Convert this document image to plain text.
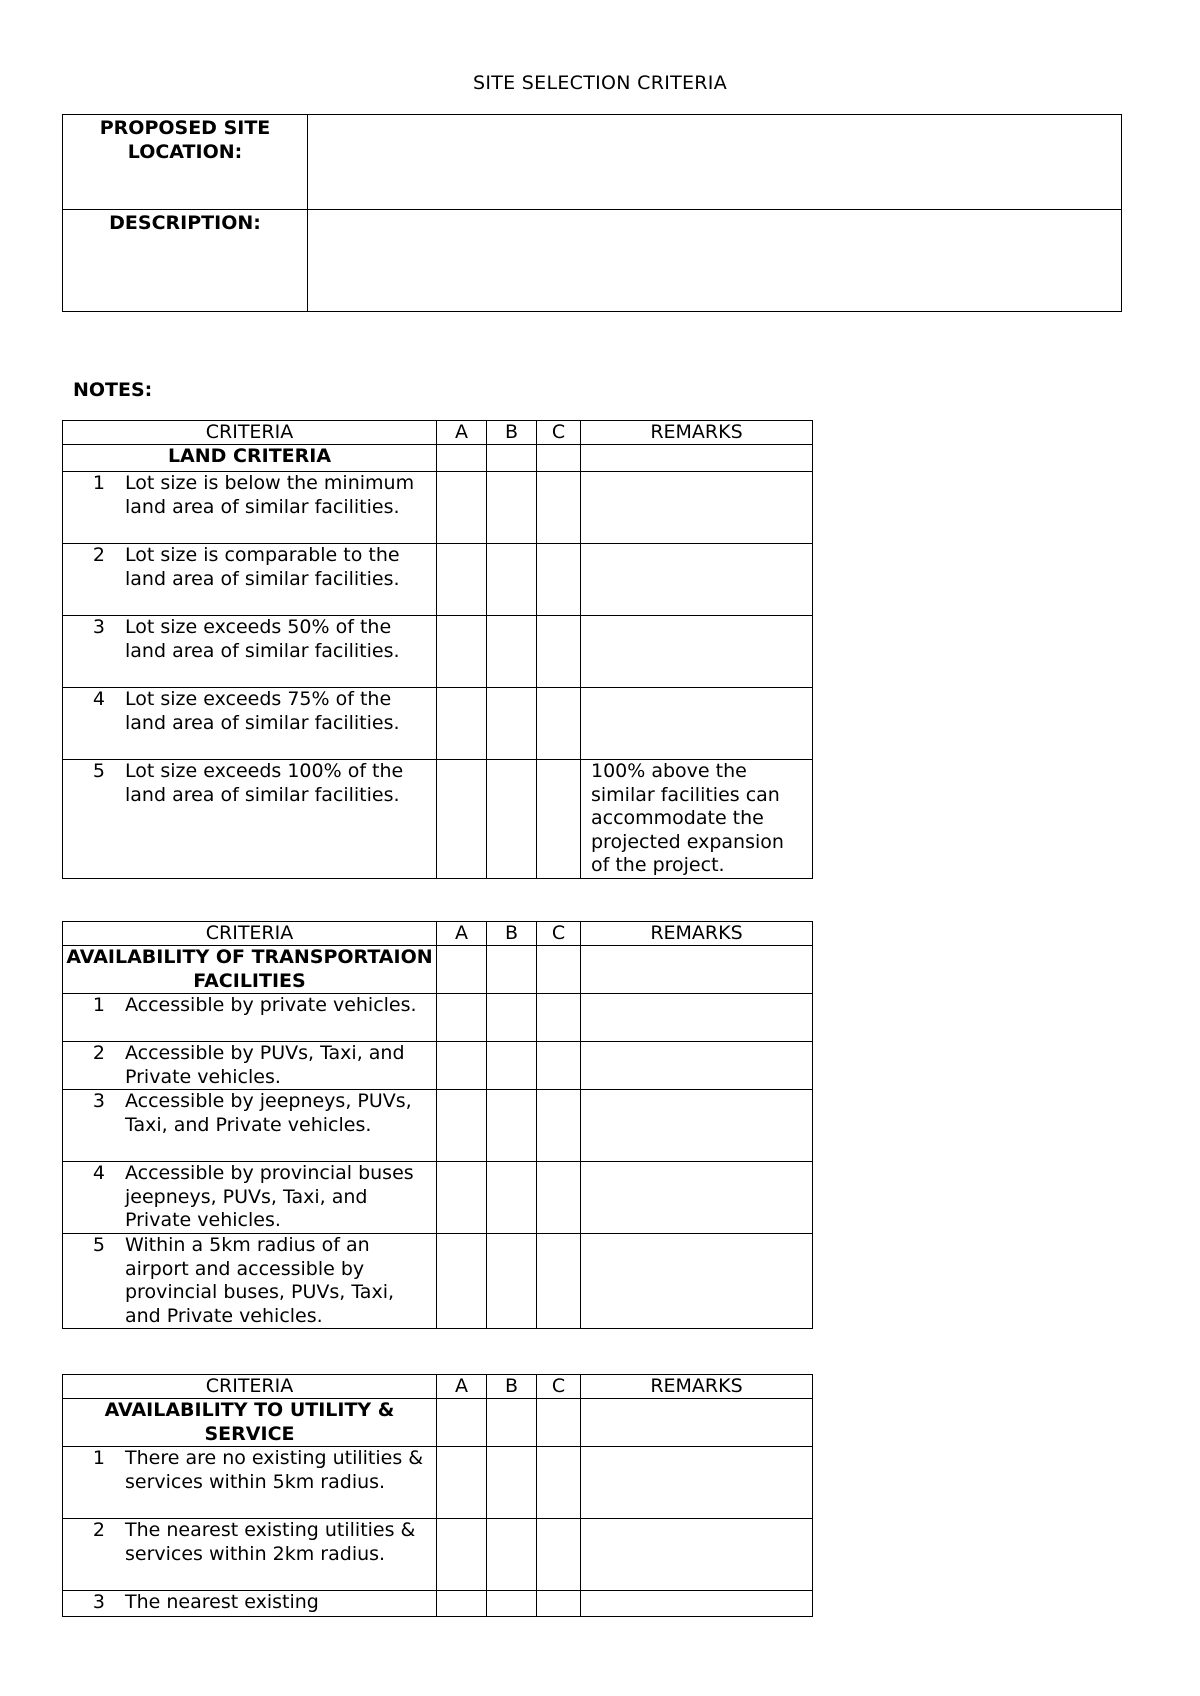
SITE SELECTION CRITERIA
PROPOSED SITE LOCATION:	
DESCRIPTION:	
NOTES:
CRITERIA	A	B	C	REMARKS
LAND CRITERIA				

1 Lot size is below the minimum land area of similar facilities.				

2 Lot size is comparable to the land area of similar facilities.				

3 Lot size exceeds 50% of the land area of similar facilities.				

4 Lot size exceeds 75% of the land area of similar facilities.				

5 Lot size exceeds 100% of the land area of similar facilities.				100% above the similar facilities can accommodate the projected expansion of the project.
CRITERIA	A	B	C	REMARKS
AVAILABILITY OF TRANSPORTAION FACILITIES				

1 Accessible by private vehicles.				

2 Accessible by PUVs, Taxi, and Private vehicles.				

3 Accessible by jeepneys, PUVs, Taxi, and Private vehicles.				

4 Accessible by provincial buses jeepneys, PUVs, Taxi, and Private vehicles.				

5 Within a 5km radius of an airport and accessible by provincial buses, PUVs, Taxi, and Private vehicles.				

CRITERIA	A	B	C	REMARKS
AVAILABILITY TO UTILITY & SERVICE				

1 There are no existing utilities & services within 5km radius.				

2 The nearest existing utilities & services within 2km radius.				

3 The nearest existing				
